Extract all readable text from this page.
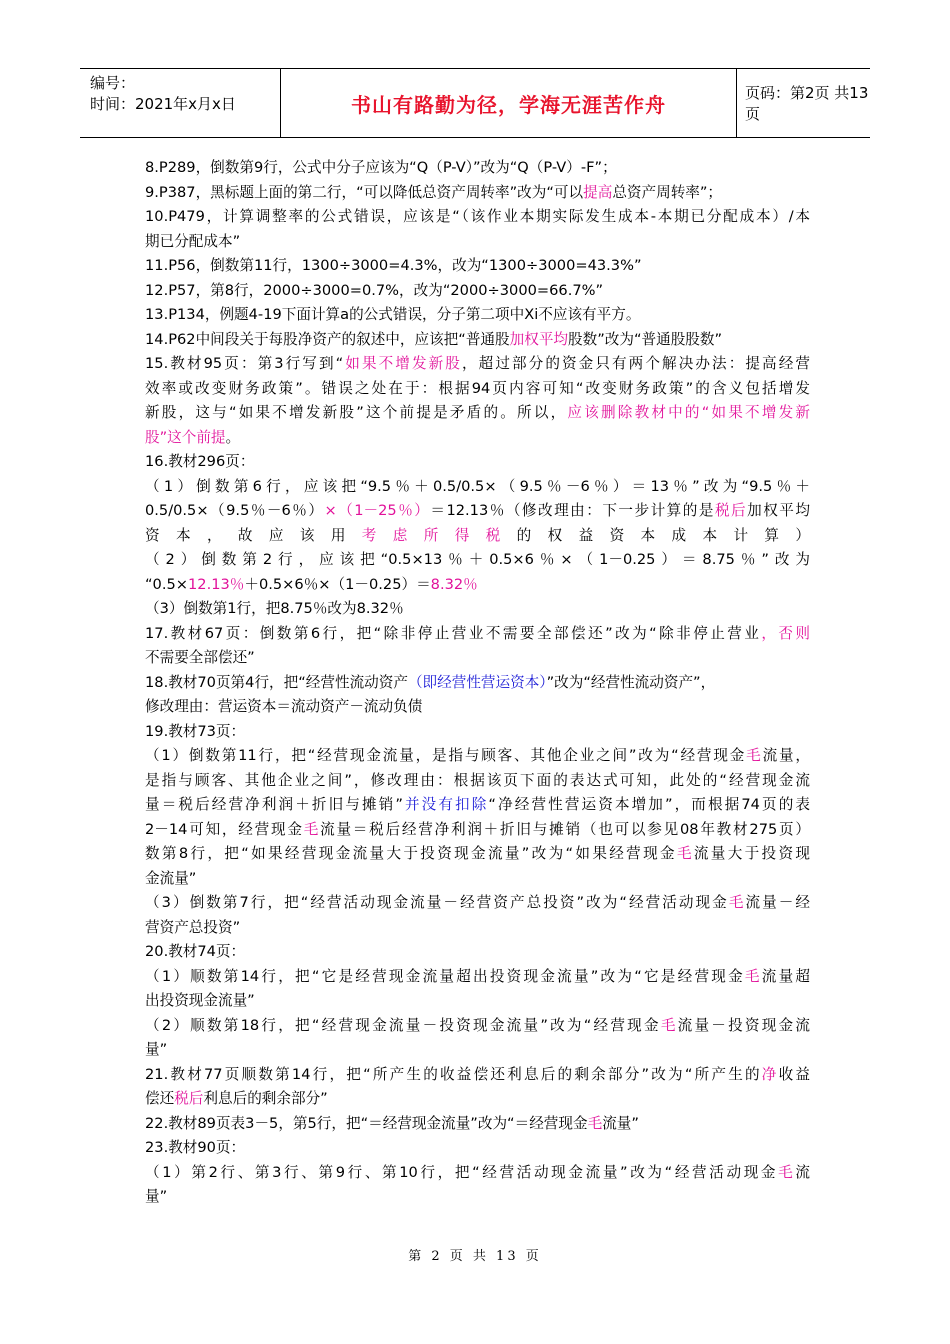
编号：
时间：2021年x月x日	书山有路勤为径，学海无涯苦作舟	页码：第2页 共13页
8.P289，倒数第9行，公式中分子应该为“Q（P-V）”改为“Q（P-V）-F”；
9.P387，黑标题上面的第二行，“可以降低总资产周转率”改为“可以提高总资产周转率”；
10.P479，计算调整率的公式错误，应该是“（该作业本期实际发生成本-本期已分配成本）/本
期已分配成本”
11.P56，倒数第11行，1300÷3000=4.3%，改为“1300÷3000=43.3%”
12.P57，第8行，2000÷3000=0.7%，改为“2000÷3000=66.7%”
13.P134，例题4-19下面计算a的公式错误，分子第二项中Xi不应该有平方。
14.P62中间段关于每股净资产的叙述中，应该把“普通股加权平均股数”改为“普通股股数”
15.教材95页：第3行写到“如果不增发新股，超过部分的资金只有两个解决办法：提高经营
效率或改变财务政策”。错误之处在于：根据94页内容可知“改变财务政策”的含义包括增发
新股，这与“如果不增发新股”这个前提是矛盾的。所以，应该删除教材中的“如果不增发新
股”这个前提。
16.教材296页：
（1）倒数第6行，应该把“9.5％＋0.5/0.5×（9.5％－6％）＝13％”改为“9.5％＋
0.5/0.5×（9.5％－6％）×（1－25％）＝12.13％（修改理由：下一步计算的是税后加权平均
资本，故应该用考虑所得税的权益资本成本计算）
（2）倒数第2行，应该把“0.5×13％＋0.5×6％×（1－0.25）＝8.75％”改为
“0.5×12.13％＋0.5×6％×（1－0.25）＝8.32％
（3）倒数第1行，把8.75％改为8.32％
17.教材67页：倒数第6行，把“除非停止营业不需要全部偿还”改为“除非停止营业，否则
不需要全部偿还”
18.教材70页第4行，把“经营性流动资产（即经营性营运资本）”改为“经营性流动资产”，
修改理由：营运资本＝流动资产－流动负债
19.教材73页：
（1）倒数第11行，把“经营现金流量，是指与顾客、其他企业之间”改为“经营现金毛流量，
是指与顾客、其他企业之间”，修改理由：根据该页下面的表达式可知，此处的“经营现金流
量＝税后经营净利润＋折旧与摊销”并没有扣除“净经营性营运资本增加”，而根据74页的表
2－14可知，经营现金毛流量＝税后经营净利润＋折旧与摊销（也可以参见08年教材275页）
数第8行，把“如果经营现金流量大于投资现金流量”改为“如果经营现金毛流量大于投资现
金流量”
（3）倒数第7行，把“经营活动现金流量－经营资产总投资”改为“经营活动现金毛流量－经
营资产总投资”
20.教材74页：
（1）顺数第14行，把“它是经营现金流量超出投资现金流量”改为“它是经营现金毛流量超
出投资现金流量”
（2）顺数第18行，把“经营现金流量－投资现金流量”改为“经营现金毛流量－投资现金流
量”
21.教材77页顺数第14行，把“所产生的收益偿还利息后的剩余部分”改为“所产生的净收益
偿还税后利息后的剩余部分”
22.教材89页表3－5，第5行，把“＝经营现金流量”改为“＝经营现金毛流量”
23.教材90页：
（1）第2行、第3行、第9行、第10行，把“经营活动现金流量”改为“经营活动现金毛流
量”
第 2 页 共 13 页
